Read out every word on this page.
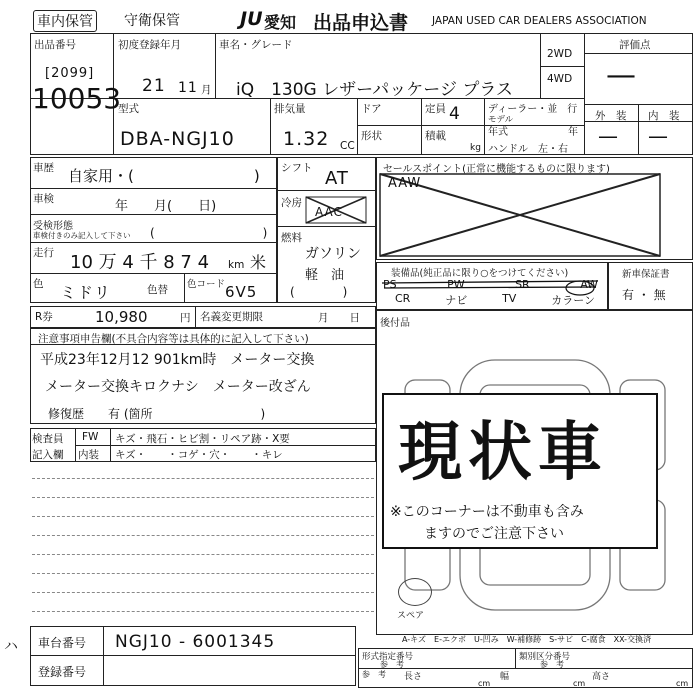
車内保管 守衛保管	JU 愛知 出品申込書 JAPAN USED CAR DEALERS ASSOCIATION
出品番号
[2099]
10053
初度登録年月
21 11 月
車名・グレード
iQ　130G レザーパッケージ プラス
2WD
4WD
評価点
—
外　装 内　装
— —
型式
DBA-NGJ10
排気量
1.32 CC
ドア
形状
定員 4
積載
kg
ディーラー・並　行
モデル
年式	年
ハンドル　左・右
車歴 自家用・(　　　　　　　　)
車検	年　　月(　　日)
受検形態
車検付きのみ記入して下さい (　　　　　　　　　)
走行 10 万 4 千 8 7 4 km 米
色 ミドリ	色替 色コード 6V5
シフト AT
冷房
AAC
燃料
ガソリン
軽　油
(　　　　)
セールスポイント(正常に機能するものに限ります)
AAW
装備品(純正品に限り○をつけてください)
PS	PW	SR	AW
CR	ナビ	TV	カラーン
新車保証書
有 ・ 無
R券	10,980	円 名義変更期限	月　　日
注意事項申告欄(不具合内容等は具体的に記入して下さい)
平成23年12月12 901km時　メーター交換
メーター交換キロクナシ　メーター改ざん
修復歴　　有 (箇所　　　　　　　　　)
後付品
スペア
現状車
※このコーナーは不動車も含み
ますのでご注意下さい
検査員
記入欄
FW キズ・飛石・ヒビ割・リペア跡・X要
内装 キズ・　　・コゲ・穴・　　・キレ
A-キズ　E-エクボ　U-凹み　W-補修跡　S-サビ　C-腐食　XX-交換済
ハ 車台番号 NGJ10 - 6001345
登録番号
形式指定番号
参　考
類別区分番号
参　考
参　考 長さ
cm
幅
cm
高さ
cm
